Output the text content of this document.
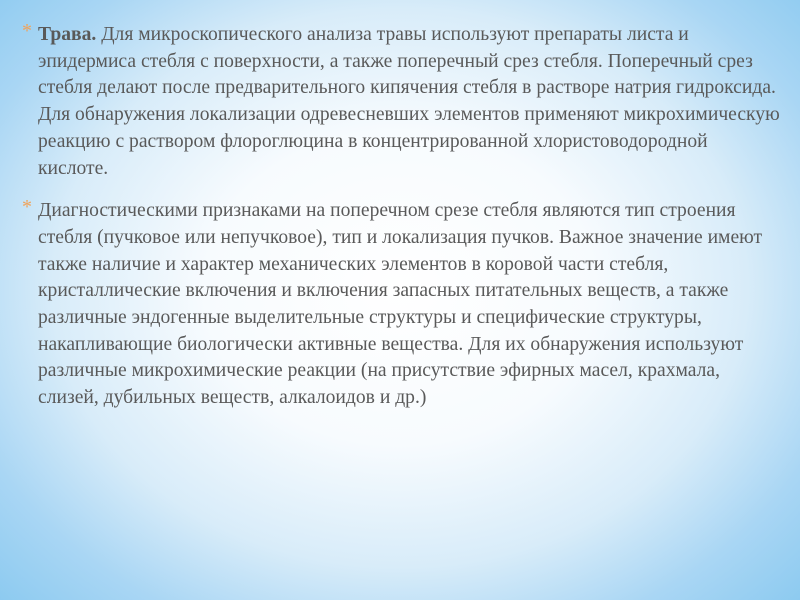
* Трава. Для микроскопического анализа травы используют препараты листа и эпидермиса стебля с поверхности, а также поперечный срез стебля. Поперечный срез стебля делают после предварительного кипячения стебля в растворе натрия гидроксида. Для обнаружения локализации одревесневших элементов применяют микрохимическую реакцию с раствором флороглюцина в концентрированной хлористоводородной кислоте.

* Диагностическими признаками на поперечном срезе стебля являются тип строения стебля (пучковое или непучковое), тип и локализация пучков. Важное значение имеют также наличие и характер механических элементов в коровой части стебля, кристаллические включения и включения запасных питательных веществ, а также различные эндогенные выделительные структуры и специфические структуры, накапливающие биологически активные вещества. Для их обнаружения используют различные микрохимические реакции (на присутствие эфирных масел, крахмала, слизей, дубильных веществ, алкалоидов и др.)
